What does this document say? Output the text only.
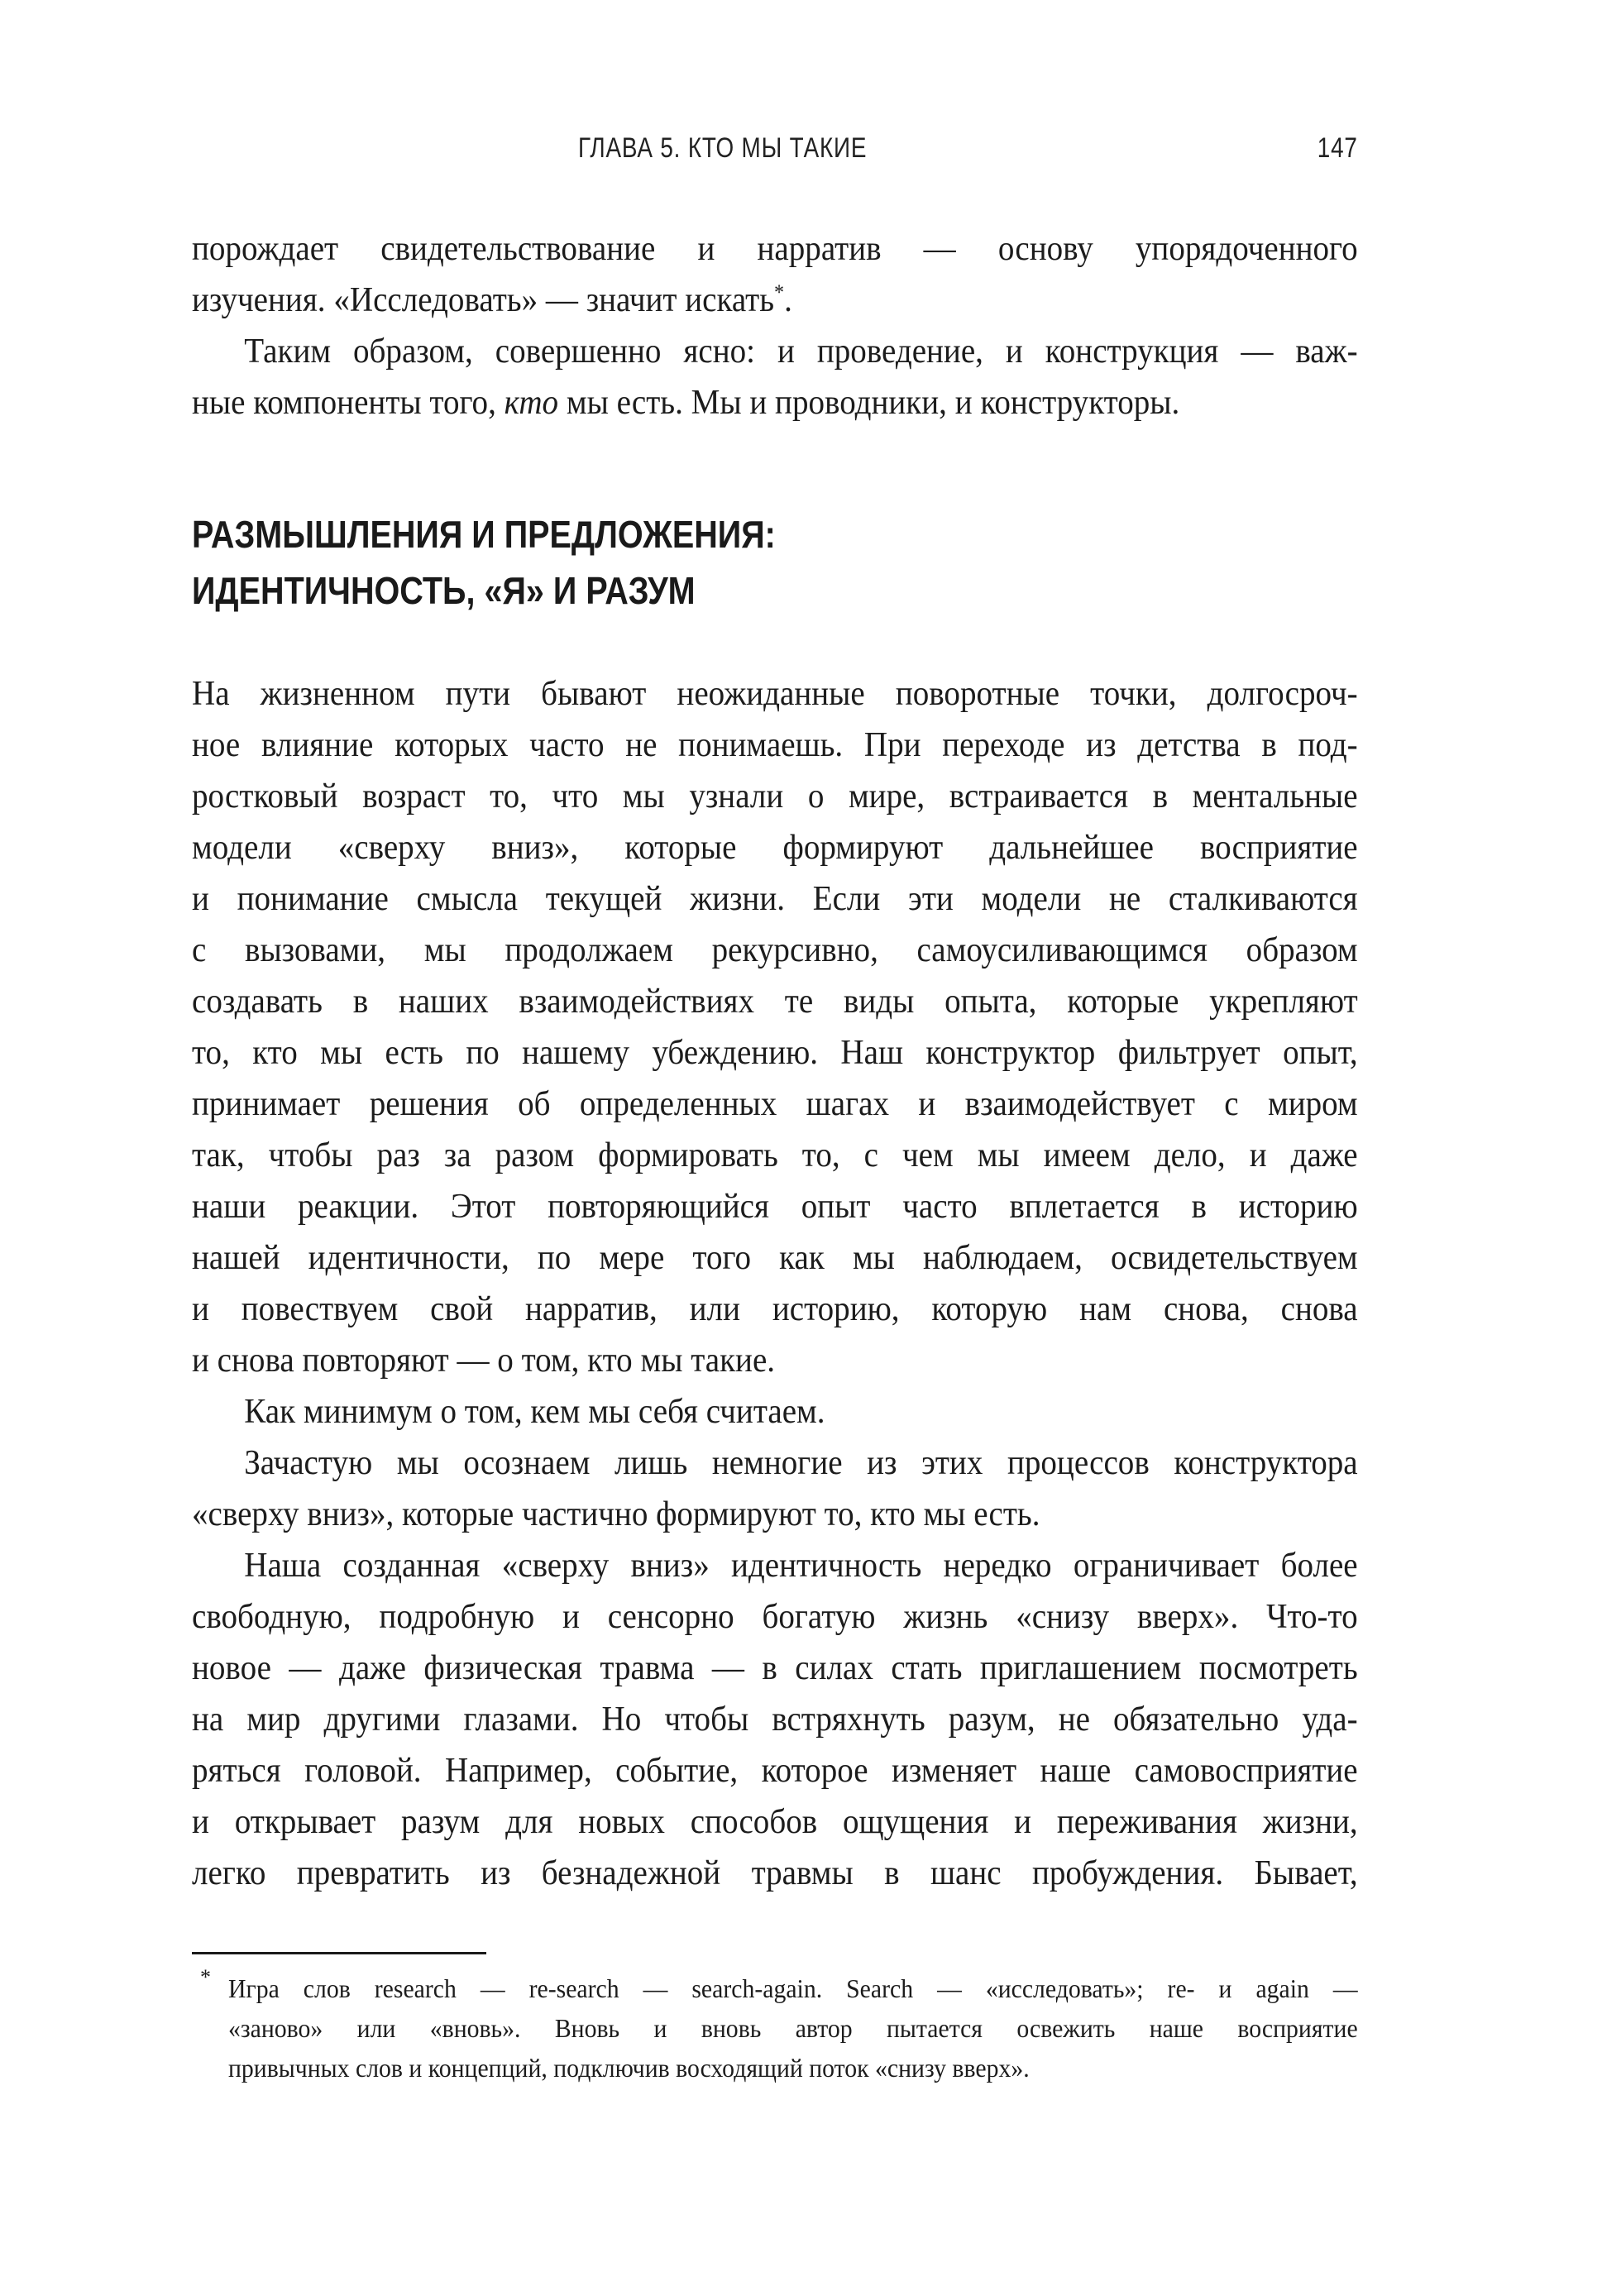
ГЛАВА 5. КТО МЫ ТАКИЕ	147
порождает свидетельствование и нарратив — основу упорядоченного
изучения. «Исследовать» — значит искать*.
Таким образом, совершенно ясно: и проведение, и конструкция — важ-
ные компоненты того, кто мы есть. Мы и проводники, и конструкторы.
РАЗМЫШЛЕНИЯ И ПРЕДЛОЖЕНИЯ:
ИДЕНТИЧНОСТЬ, «Я» И РАЗУМ
На жизненном пути бывают неожиданные поворотные точки, долгосроч-
ное влияние которых часто не понимаешь. При переходе из детства в под-
ростковый возраст то, что мы узнали о мире, встраивается в ментальные
модели «сверху вниз», которые формируют дальнейшее восприятие
и понимание смысла текущей жизни. Если эти модели не сталкиваются
с вызовами, мы продолжаем рекурсивно, самоусиливающимся образом
создавать в наших взаимодействиях те виды опыта, которые укрепляют
то, кто мы есть по нашему убеждению. Наш конструктор фильтрует опыт,
принимает решения об определенных шагах и взаимодействует с миром
так, чтобы раз за разом формировать то, с чем мы имеем дело, и даже
наши реакции. Этот повторяющийся опыт часто вплетается в историю
нашей идентичности, по мере того как мы наблюдаем, освидетельствуем
и повествуем свой нарратив, или историю, которую нам снова, снова
и снова повторяют — о том, кто мы такие.
Как минимум о том, кем мы себя считаем.
Зачастую мы осознаем лишь немногие из этих процессов конструктора
«сверху вниз», которые частично формируют то, кто мы есть.
Наша созданная «сверху вниз» идентичность нередко ограничивает более
свободную, подробную и сенсорно богатую жизнь «снизу вверх». Что-то
новое — даже физическая травма — в силах стать приглашением посмотреть
на мир другими глазами. Но чтобы встряхнуть разум, не обязательно уда-
ряться головой. Например, событие, которое изменяет наше самовосприятие
и открывает разум для новых способов ощущения и переживания жизни,
легко превратить из безнадежной травмы в шанс пробуждения. Бывает,
* Игра слов research — re-search — search-again. Search — «исследовать»; re- и again —
«заново» или «вновь». Вновь и вновь автор пытается освежить наше восприятие
привычных слов и концепций, подключив восходящий поток «снизу вверх».
